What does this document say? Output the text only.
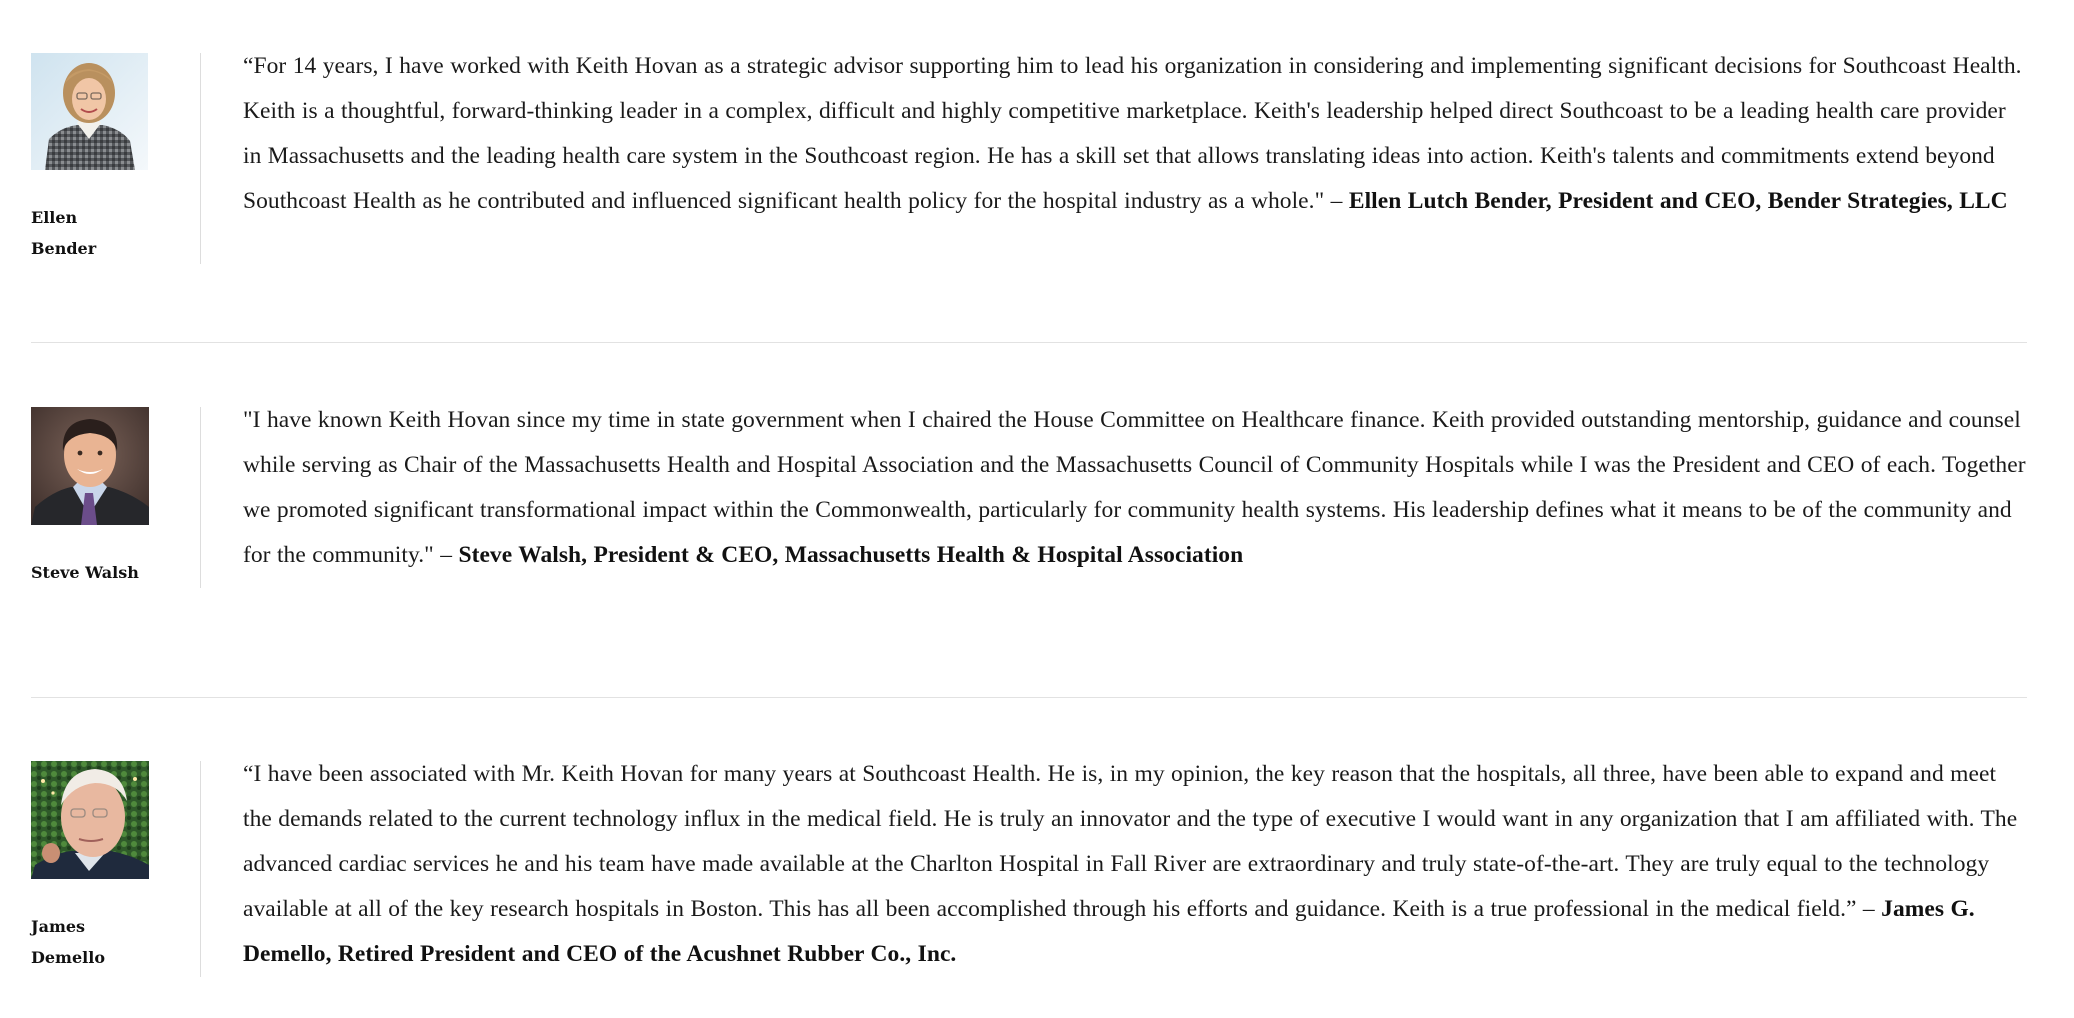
Ellen Bender
“For 14 years, I have worked with Keith Hovan as a strategic advisor supporting him to lead his organization in considering and implementing significant decisions for Southcoast Health. Keith is a thoughtful, forward-thinking leader in a complex, difficult and highly competitive marketplace. Keith's leadership helped direct Southcoast to be a leading health care provider in Massachusetts and the leading health care system in the Southcoast region. He has a skill set that allows translating ideas into action. Keith's talents and commitments extend beyond Southcoast Health as he contributed and influenced significant health policy for the hospital industry as a whole." – Ellen Lutch Bender, President and CEO, Bender Strategies, LLC
Steve Walsh
"I have known Keith Hovan since my time in state government when I chaired the House Committee on Healthcare finance. Keith provided outstanding mentorship, guidance and counsel while serving as Chair of the Massachusetts Health and Hospital Association and the Massachusetts Council of Community Hospitals while I was the President and CEO of each. Together we promoted significant transformational impact within the Commonwealth, particularly for community health systems. His leadership defines what it means to be of the community and for the community." – Steve Walsh, President & CEO, Massachusetts Health & Hospital Association
James Demello
“I have been associated with Mr. Keith Hovan for many years at Southcoast Health. He is, in my opinion, the key reason that the hospitals, all three, have been able to expand and meet the demands related to the current technology influx in the medical field. He is truly an innovator and the type of executive I would want in any organization that I am affiliated with. The advanced cardiac services he and his team have made available at the Charlton Hospital in Fall River are extraordinary and truly state-of-the-art. They are truly equal to the technology available at all of the key research hospitals in Boston. This has all been accomplished through his efforts and guidance. Keith is a true professional in the medical field.” – James G. Demello, Retired President and CEO of the Acushnet Rubber Co., Inc.
